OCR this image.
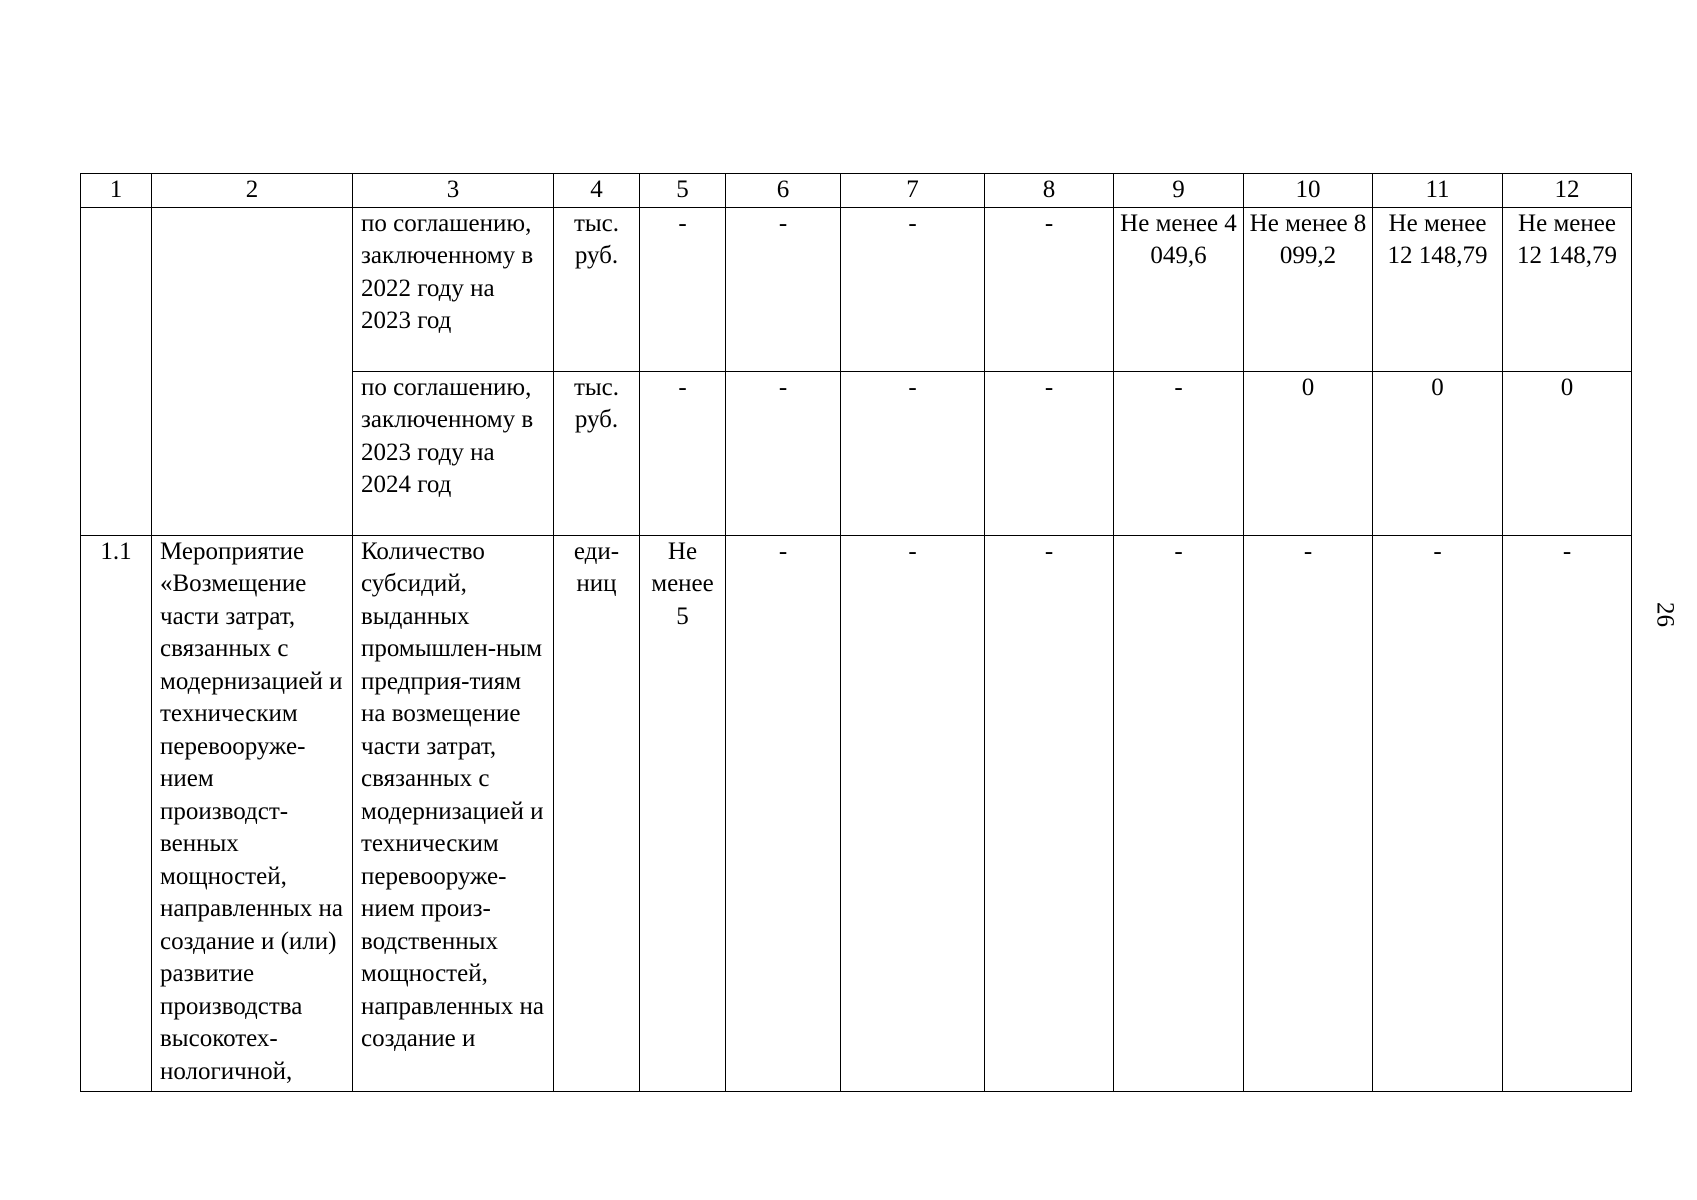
1	2	3	4	5	6	7	8	9	10	11	12
		по соглашению, заключенному в 2022 году на 2023 год	тыс. руб.	-	-	-	-	Не менее 4 049,6	Не менее 8 099,2	Не менее 12 148,79	Не менее 12 148,79
		по соглашению, заключенному в 2023 году на 2024 год	тыс. руб.	-	-	-	-	-	0	0	0
1.1	Мероприятие «Возмещение части затрат, связанных с модернизацией и техническим перевооруже-нием производст-венных мощностей, направленных на создание и (или) развитие производства высокотех-нологичной,	Количество субсидий, выданных промышлен-ным предприя-тиям на возмещение части затрат, связанных с модернизацией и техническим перевооруже-нием произ-водственных мощностей, направленных на создание и	еди-ниц	Не менее 5	-	-	-	-	-	-	-
26
